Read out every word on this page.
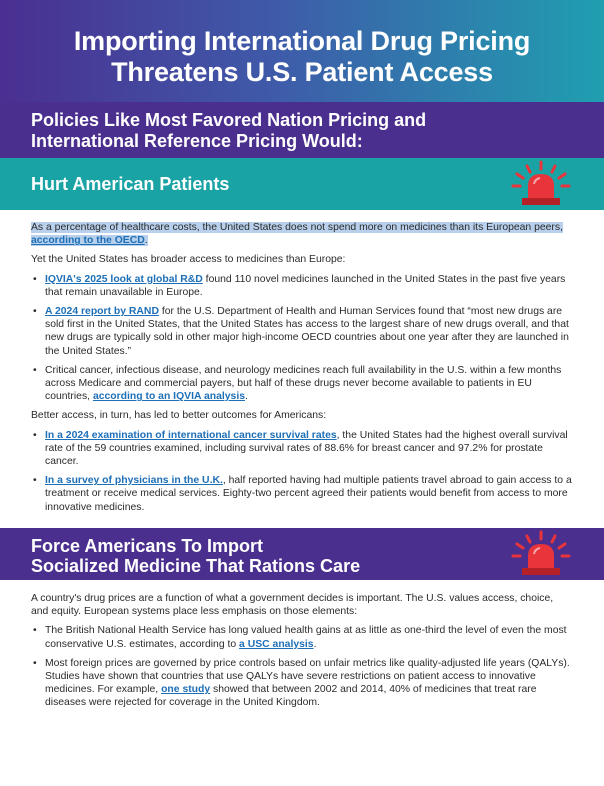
Importing International Drug Pricing Threatens U.S. Patient Access
Policies Like Most Favored Nation Pricing and International Reference Pricing Would:
Hurt American Patients

As a percentage of healthcare costs, the United States does not spend more on medicines than its European peers, according to the OECD.

Yet the United States has broader access to medicines than Europe:

• IQVIA's 2025 look at global R&D found 110 novel medicines launched in the United States in the past five years that remain unavailable in Europe.
• A 2024 report by RAND for the U.S. Department of Health and Human Services found that “most new drugs are sold first in the United States, that the United States has access to the largest share of new drugs overall, and that new drugs are typically sold in other major high-income OECD countries about one year after they are launched in the United States.”
• Critical cancer, infectious disease, and neurology medicines reach full availability in the U.S. within a few months across Medicare and commercial payers, but half of these drugs never become available to patients in EU countries, according to an IQVIA analysis.

Better access, in turn, has led to better outcomes for Americans:

• In a 2024 examination of international cancer survival rates, the United States had the highest overall survival rate of the 59 countries examined, including survival rates of 88.6% for breast cancer and 97.2% for prostate cancer.
• In a survey of physicians in the U.K., half reported having had multiple patients travel abroad to gain access to a treatment or receive medical services. Eighty-two percent agreed their patients would benefit from access to more innovative medicines.
Force Americans To Import
Socialized Medicine That Rations Care

A country's drug prices are a function of what a government decides is important. The U.S. values access, choice, and equity. European systems place less emphasis on those elements:

• The British National Health Service has long valued health gains at as little as one-third the level of even the most conservative U.S. estimates, according to a USC analysis.
• Most foreign prices are governed by price controls based on unfair metrics like quality-adjusted life years (QALYs). Studies have shown that countries that use QALYs have severe restrictions on patient access to innovative medicines. For example, one study showed that between 2002 and 2014, 40% of medicines that treat rare diseases were rejected for coverage in the United Kingdom.
